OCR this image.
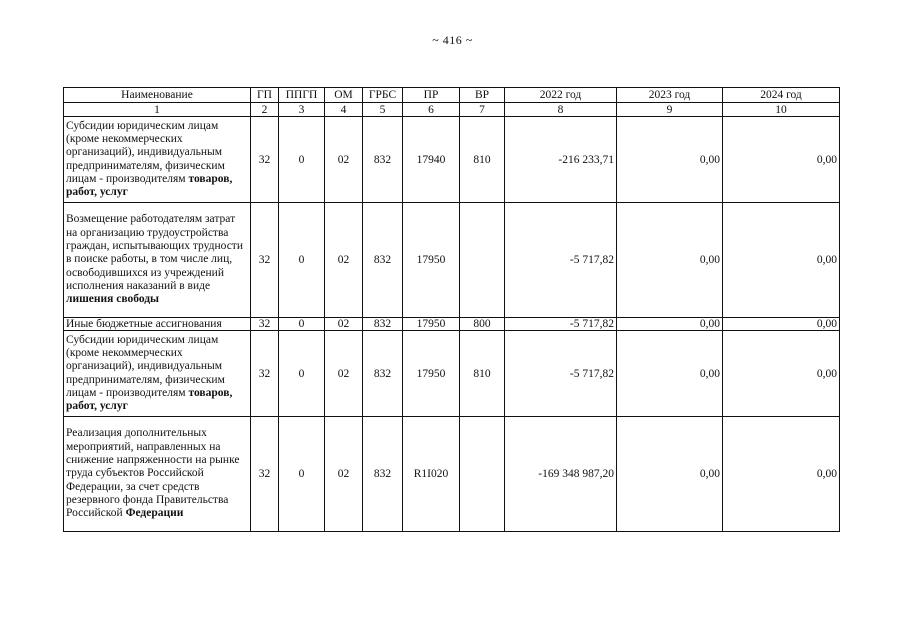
~ 416 ~
Наименование	ГП	ППГП	ОМ	ГРБС	ПР	ВР	2022 год	2023 год	2024 год
1	2	3	4	5	6	7	8	9	10
Субсидии юридическим лицам (кроме некоммерческих организаций), индивидуальным предпринимателям, физическим лицам - производителям товаров, работ, услуг	32	0	02	832	17940	810	-216 233,71	0,00	0,00
Возмещение работодателям затрат на организацию трудоустройства граждан, испытывающих трудности в поиске работы, в том числе лиц, освободившихся из учреждений исполнения наказаний в виде лишения свободы	32	0	02	832	17950		-5 717,82	0,00	0,00
Иные бюджетные ассигнования	32	0	02	832	17950	800	-5 717,82	0,00	0,00
Субсидии юридическим лицам (кроме некоммерческих организаций), индивидуальным предпринимателям, физическим лицам - производителям товаров, работ, услуг	32	0	02	832	17950	810	-5 717,82	0,00	0,00
Реализация дополнительных мероприятий, направленных на снижение напряженности на рынке труда субъектов Российской Федерации, за счет средств резервного фонда Правительства Российской Федерации	32	0	02	832	R1I020		-169 348 987,20	0,00	0,00
